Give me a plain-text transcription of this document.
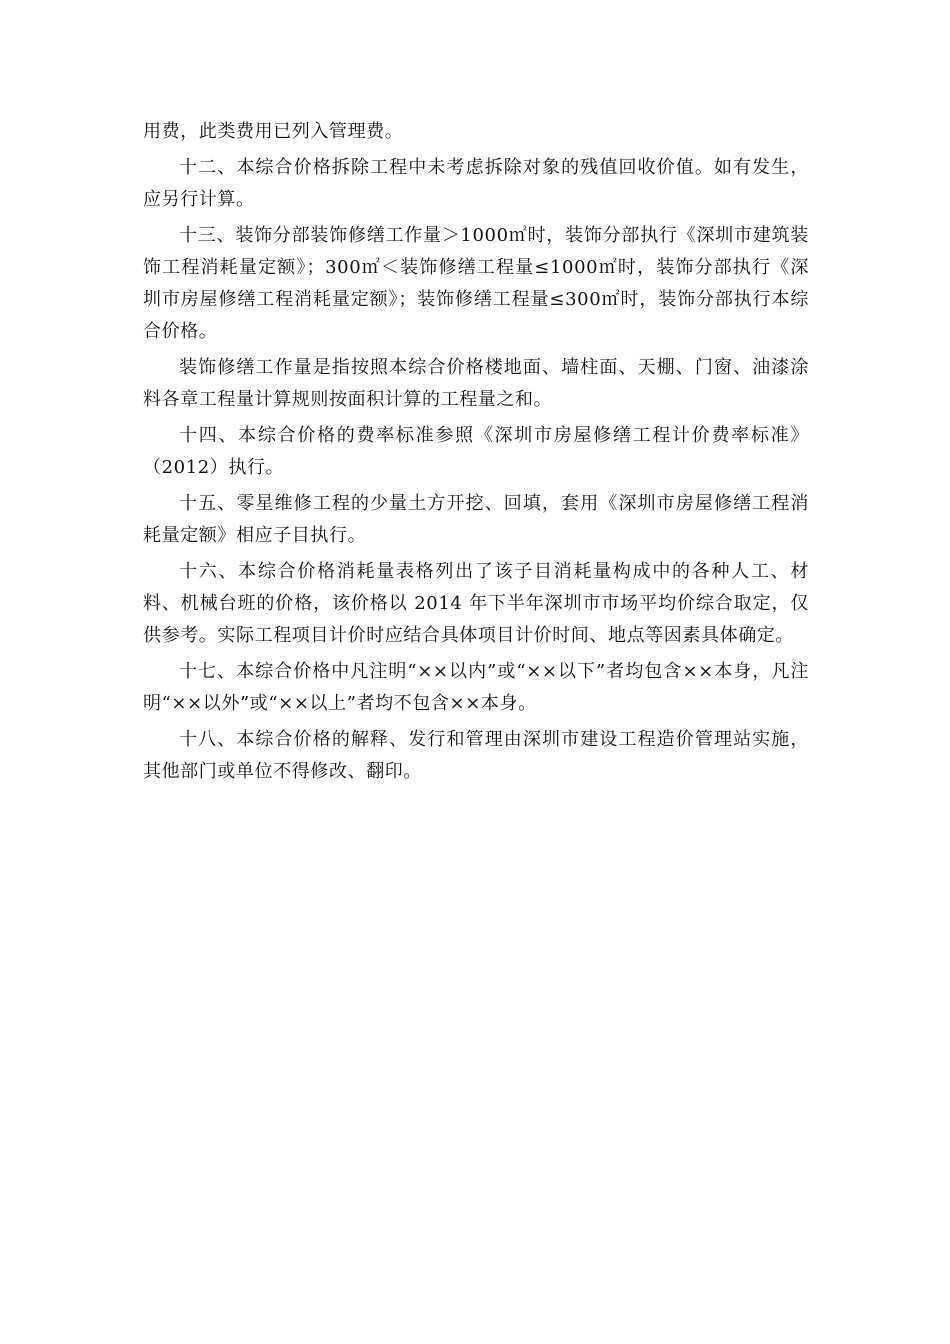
用费，此类费用已列入管理费。

十二、本综合价格拆除工程中未考虑拆除对象的残值回收价值。如有发生，应另行计算。

十三、装饰分部装饰修缮工作量＞1000㎡时，装饰分部执行《深圳市建筑装饰工程消耗量定额》；300㎡＜装饰修缮工程量≤1000㎡时，装饰分部执行《深圳市房屋修缮工程消耗量定额》；装饰修缮工程量≤300㎡时，装饰分部执行本综合价格。

装饰修缮工作量是指按照本综合价格楼地面、墙柱面、天棚、门窗、油漆涂料各章工程量计算规则按面积计算的工程量之和。

十四、本综合价格的费率标准参照《深圳市房屋修缮工程计价费率标准》（2012）执行。

十五、零星维修工程的少量土方开挖、回填，套用《深圳市房屋修缮工程消耗量定额》相应子目执行。

十六、本综合价格消耗量表格列出了该子目消耗量构成中的各种人工、材料、机械台班的价格，该价格以 2014 年下半年深圳市市场平均价综合取定，仅供参考。实际工程项目计价时应结合具体项目计价时间、地点等因素具体确定。

十七、本综合价格中凡注明“××以内”或“××以下”者均包含××本身，凡注明“××以外”或“××以上”者均不包含××本身。

十八、本综合价格的解释、发行和管理由深圳市建设工程造价管理站实施，其他部门或单位不得修改、翻印。
